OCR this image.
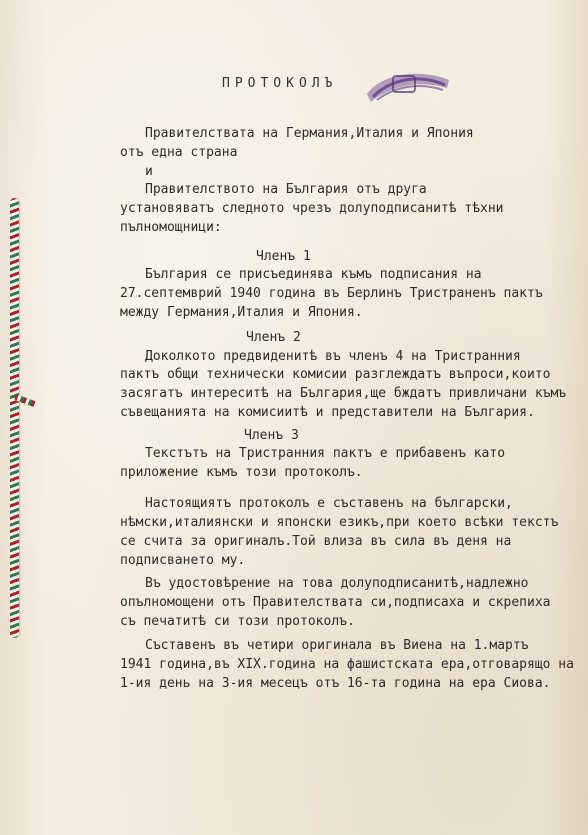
ПРОТОКОЛЪ
Правителствата на Германия,Италия и Япония
отъ една страна
и
Правителството на България отъ друга
установяватъ следното чрезъ долуподписанитѣ тѣхни
пълномощници:
Членъ 1
България се присъединява къмъ подписания на
27.септемврий 1940 година въ Берлинъ Тристраненъ пактъ
между Германия,Италия и Япония.
Членъ 2
Доколкото предвиденитѣ въ членъ 4 на Тристранния
пактъ общи технически комисии разглеждатъ въпроси,които
засягатъ интереситѣ на България,ще бждатъ привличани къмъ
съвещанията на комисиитѣ и представители на България.
Членъ 3
Текстътъ на Тристранния пактъ е прибавенъ като
приложение къмъ този протоколъ.
Настоящиятъ протоколъ е съставенъ на български,
нѣмски,италиянски и японски езикъ,при което всѣки текстъ
се счита за оригиналъ.Той влиза въ сила въ деня на
подписването му.
Въ удостовѣрение на това долуподписанитѣ,надлежно
опълномощени отъ Правителствата си,подписаха и скрепиха
съ печатитѣ си този протоколъ.
Съставенъ въ четири оригинала въ Виена на 1.мартъ
1941 година,въ XIX.година на фашистската ера,отговарящо на
1-ия день на 3-ия месецъ отъ 16-та година на ера Сиова.
